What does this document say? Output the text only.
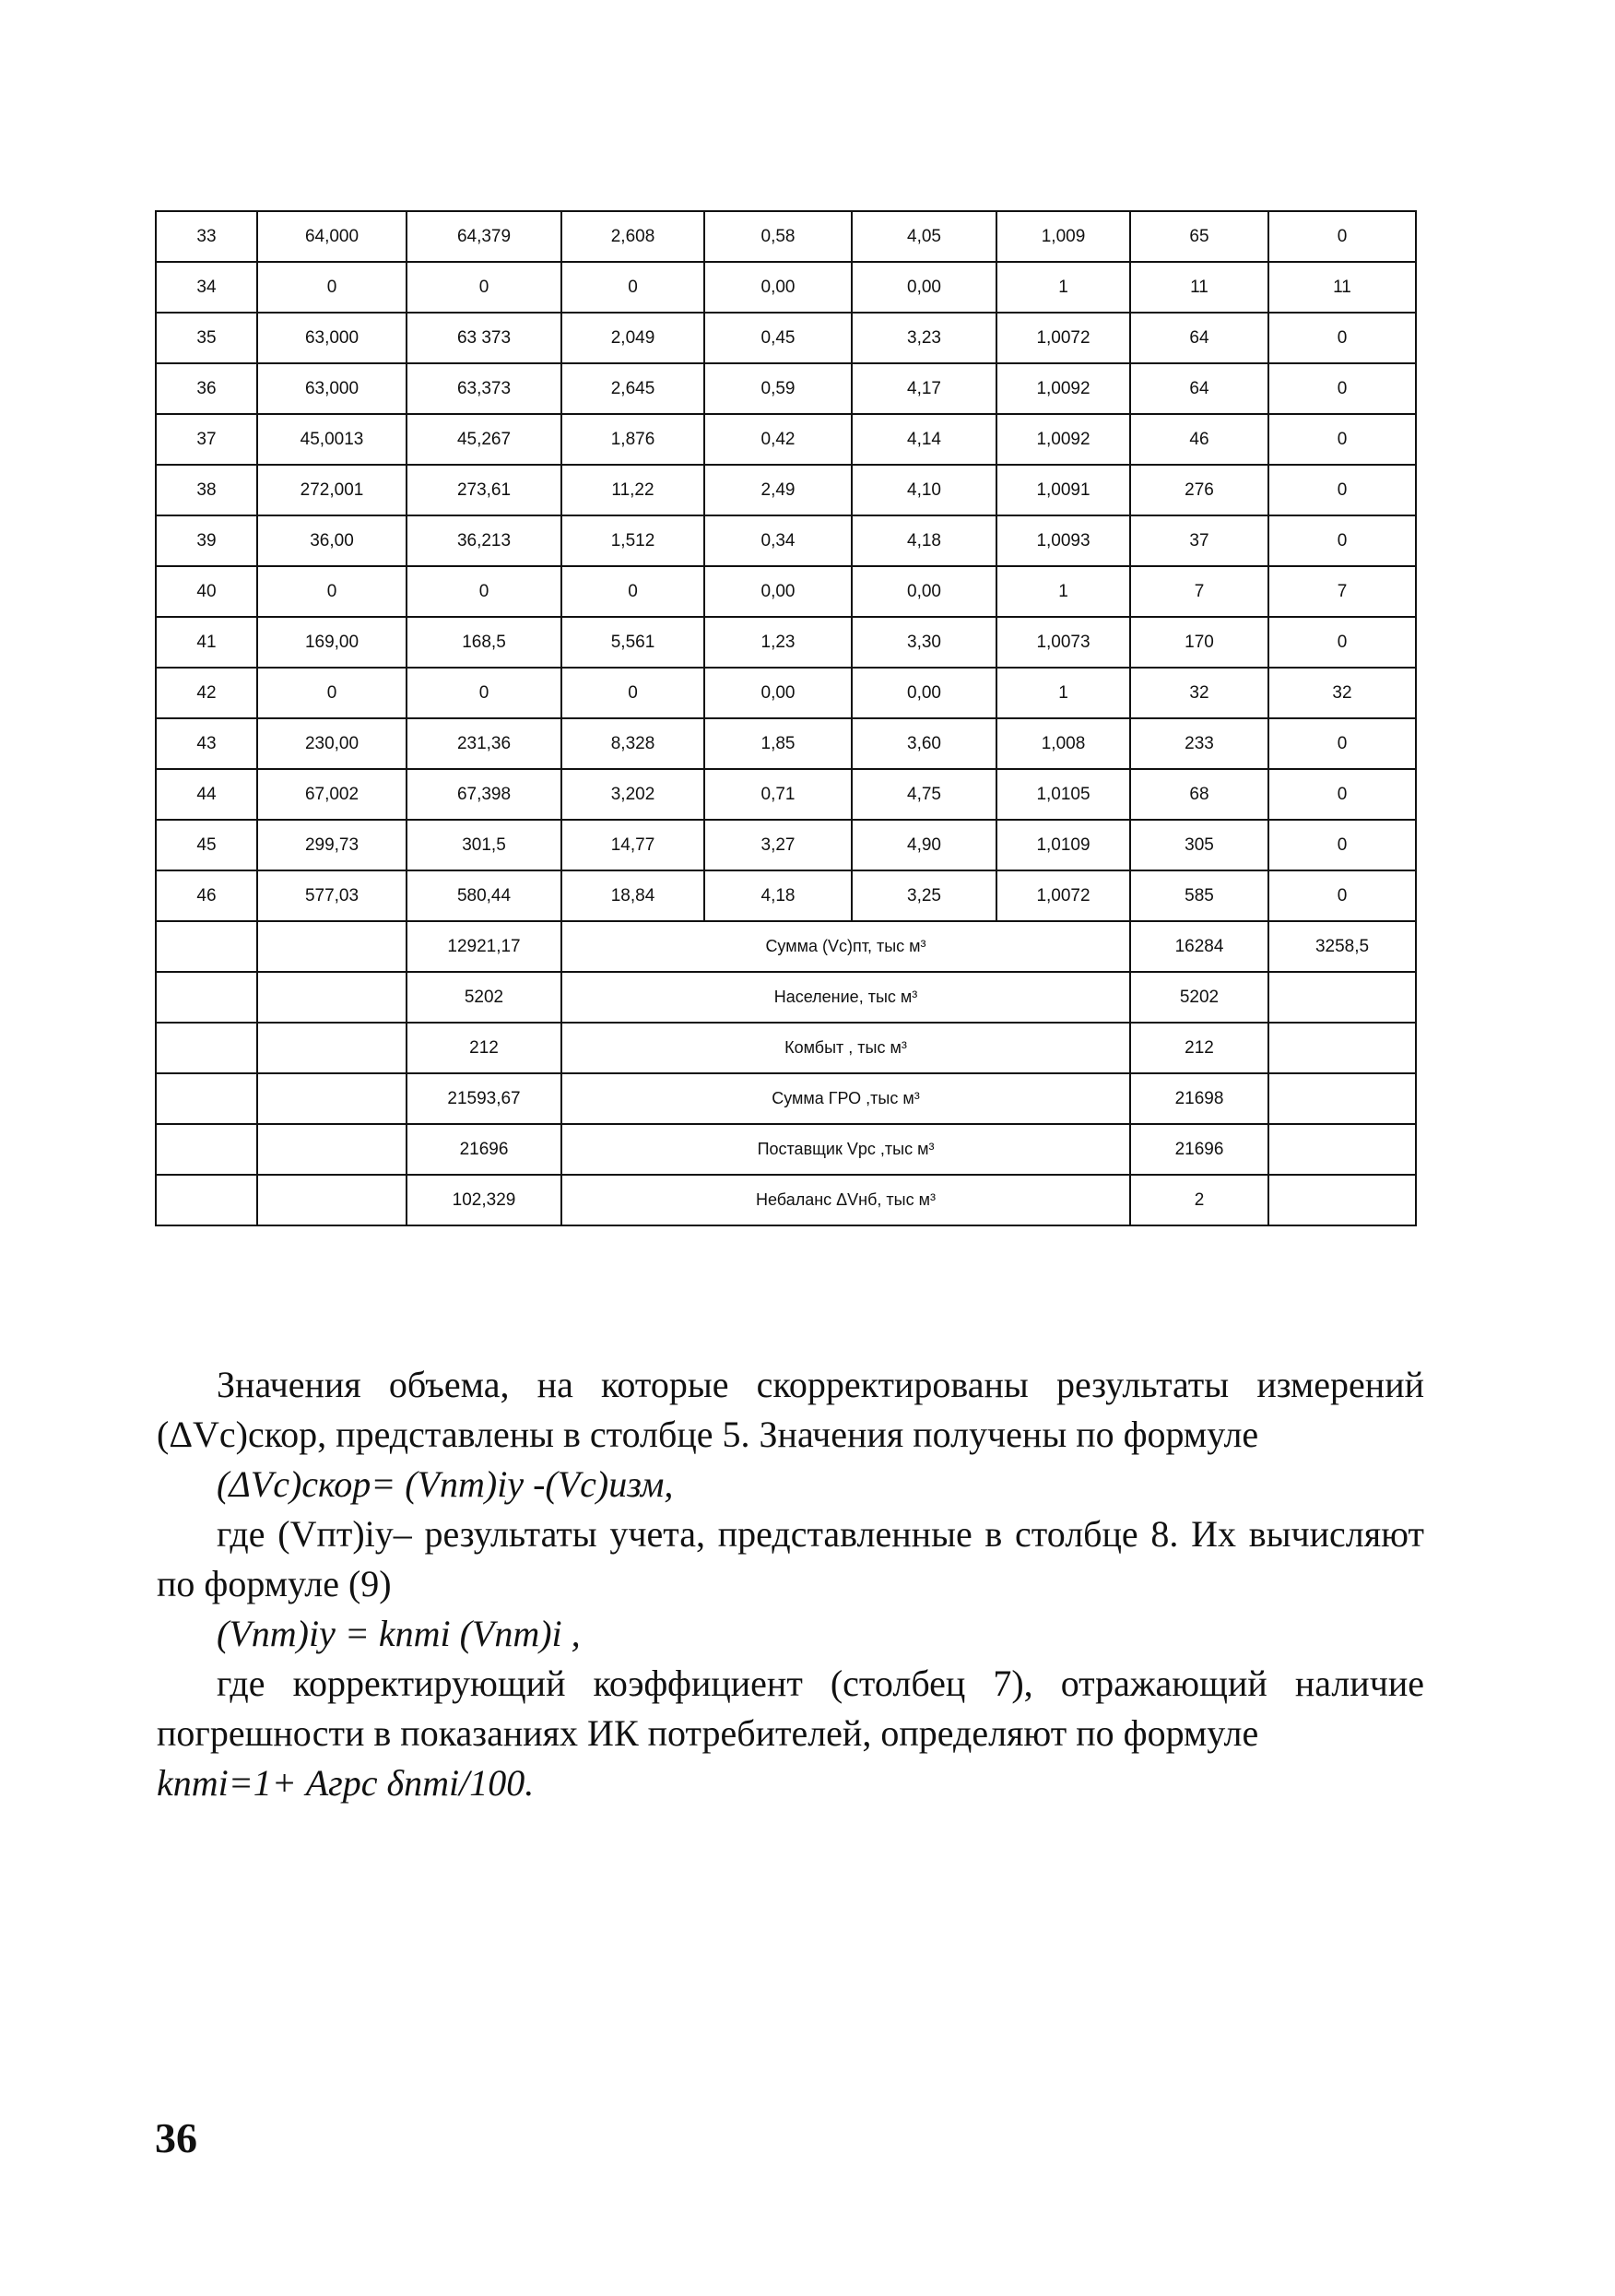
33	64,000	64,379	2,608	0,58	4,05	1,009	65	0
34	0	0	0	0,00	0,00	1	11	11
35	63,000	63 373	2,049	0,45	3,23	1,0072	64	0
36	63,000	63,373	2,645	0,59	4,17	1,0092	64	0
37	45,0013	45,267	1,876	0,42	4,14	1,0092	46	0
38	272,001	273,61	11,22	2,49	4,10	1,0091	276	0
39	36,00	36,213	1,512	0,34	4,18	1,0093	37	0
40	0	0	0	0,00	0,00	1	7	7
41	169,00	168,5	5,561	1,23	3,30	1,0073	170	0
42	0	0	0	0,00	0,00	1	32	32
43	230,00	231,36	8,328	1,85	3,60	1,008	233	0
44	67,002	67,398	3,202	0,71	4,75	1,0105	68	0
45	299,73	301,5	14,77	3,27	4,90	1,0109	305	0
46	577,03	580,44	18,84	4,18	3,25	1,0072	585	0
		12921,17	Сумма (Vс)пт, тыс м³				16284	3258,5
		5202	Население, тыс м³				5202	
		212	Комбыт , тыс м³				212	
		21593,67	Сумма ГРО ,тыс м³				21698	
		21696	Поставщик Vрс ,тыс м³				21696	
		102,329	Небаланс ΔVнб, тыс м³				2	

Значения объема, на которые скорректированы результаты измерений (ΔVс)скор, представлены в столбце 5. Значения получены по формуле

(ΔVс)скор= (Vпт)iу -(Vс)изм,

где (Vпт)iу– результаты учета, представленные в столбце 8. Их вычисляют по формуле (9)

(Vпт)iу = kптi (Vпт)i ,

где корректирующий коэффициент (столбец 7), отражающий наличие погрешности в показаниях ИК потребителей, определяют по формуле

kптi=1+ Агрс δптi/100.

36
